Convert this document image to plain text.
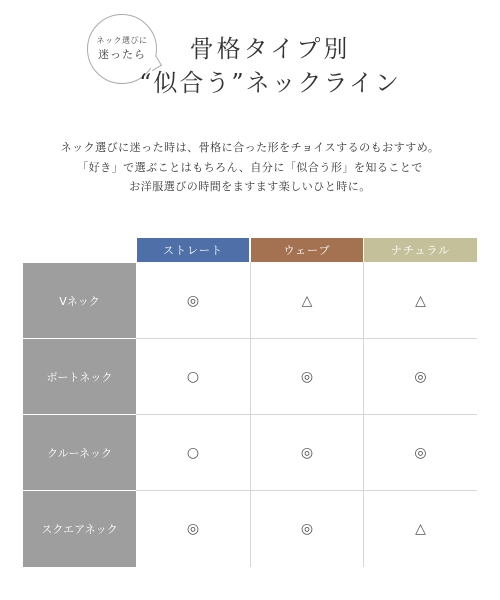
ネック選びに
迷ったら	骨格タイプ別
“似合う”ネックライン
ネック選びに迷った時は、骨格に合った形をチョイスするのもおすすめ。
「好き」で選ぶことはもちろん、自分に「似合う形」を知ることで
お洋服選びの時間をますます楽しいひと時に。
ストレート	ウェーブ	ナチュラル
Vネック	◎	△	△
ボートネック	○	◎	◎
クルーネック	○	◎	◎
スクエアネック	◎	◎	△
